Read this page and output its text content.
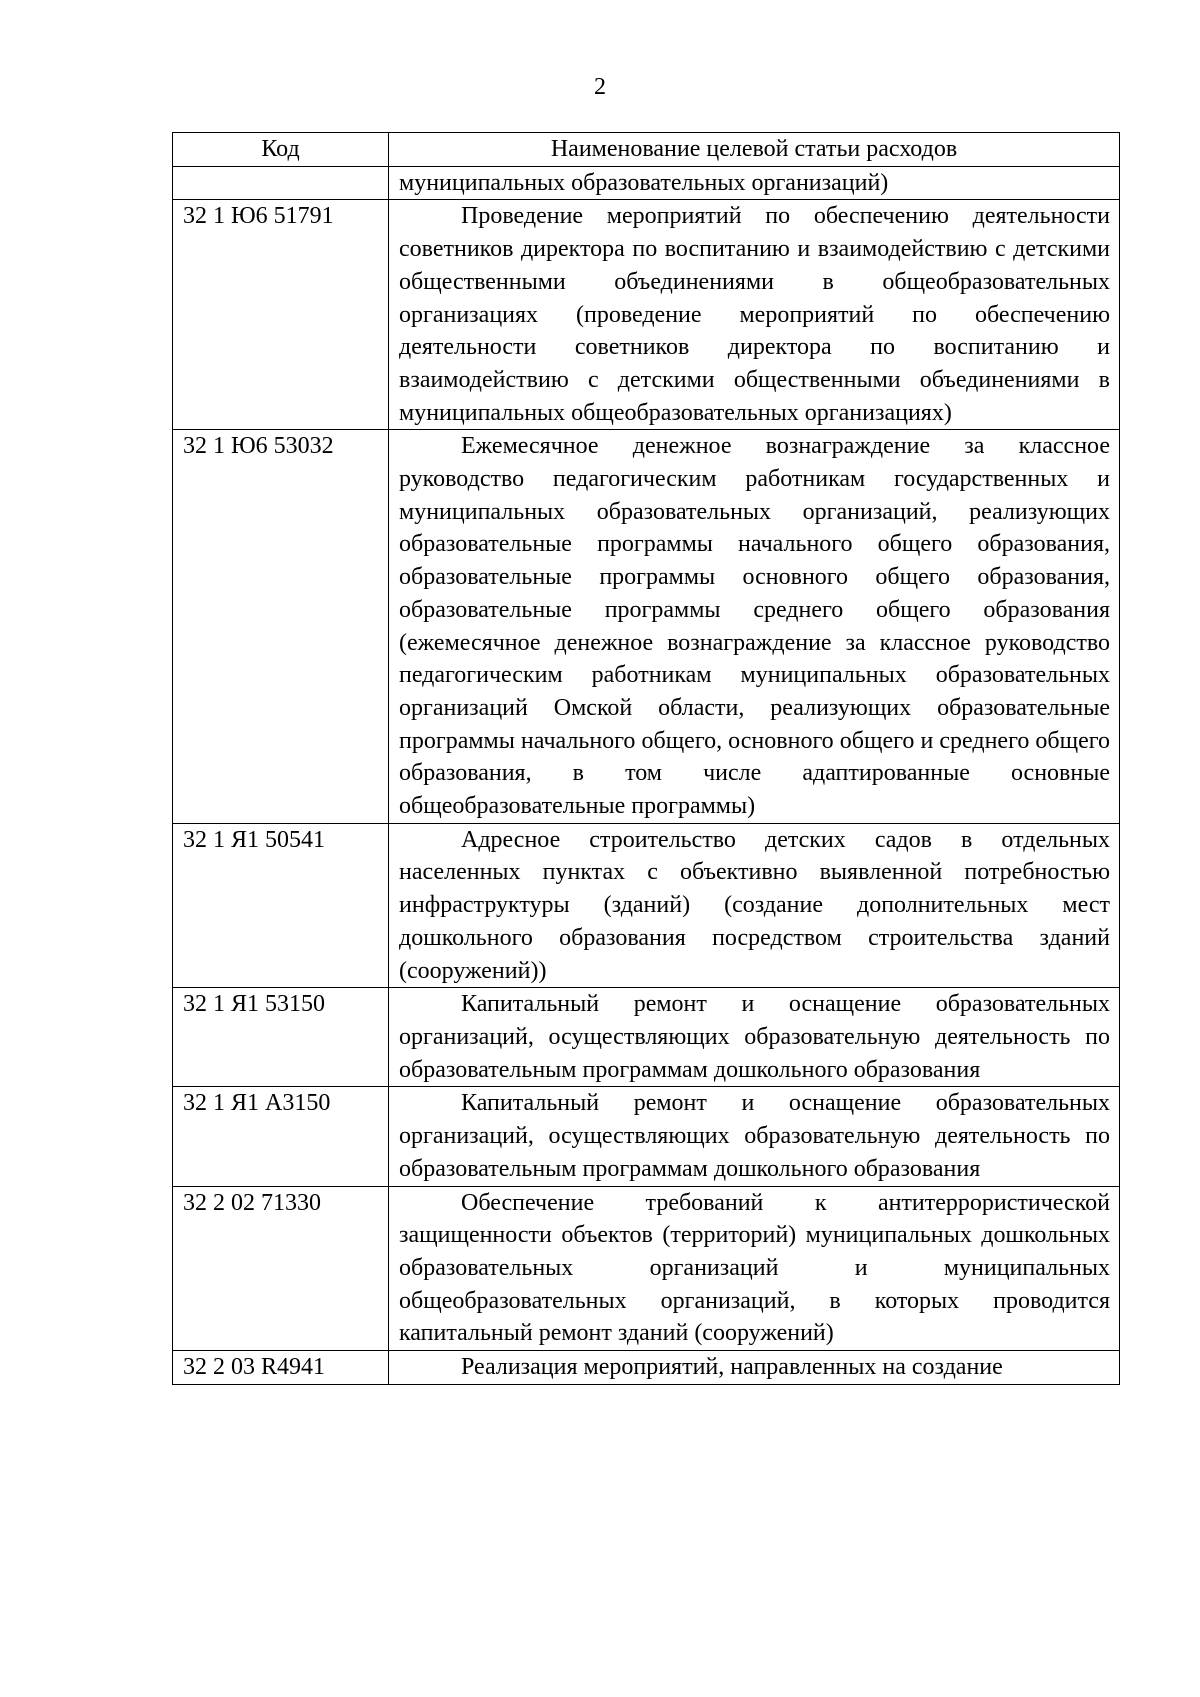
2
Код	Наименование целевой статьи расходов

	муниципальных образовательных организаций)

32 1 Ю6 51791	Проведение мероприятий по обеспечению деятельности советников директора по воспитанию и взаимодействию с детскими общественными объединениями в общеобразовательных организациях (проведение мероприятий по обеспечению деятельности советников директора по воспитанию и взаимодействию с детскими общественными объединениями в муниципальных общеобразовательных организациях)

32 1 Ю6 53032	Ежемесячное денежное вознаграждение за классное руководство педагогическим работникам государственных и муниципальных образовательных организаций, реализующих образовательные программы начального общего образования, образовательные программы основного общего образования, образовательные программы среднего общего образования (ежемесячное денежное вознаграждение за классное руководство педагогическим работникам муниципальных образовательных организаций Омской области, реализующих образовательные программы начального общего, основного общего и среднего общего образования, в том числе адаптированные основные общеобразовательные программы)

32 1 Я1 50541	Адресное строительство детских садов в отдельных населенных пунктах с объективно выявленной потребностью инфраструктуры (зданий) (создание дополнительных мест дошкольного образования посредством строительства зданий (сооружений))

32 1 Я1 53150	Капитальный ремонт и оснащение образовательных организаций, осуществляющих образовательную деятельность по образовательным программам дошкольного образования

32 1 Я1 А3150	Капитальный ремонт и оснащение образовательных организаций, осуществляющих образовательную деятельность по образовательным программам дошкольного образования

32 2 02 71330	Обеспечение требований к антитеррористической защищенности объектов (территорий) муниципальных дошкольных образовательных организаций и муниципальных общеобразовательных организаций, в которых проводится капитальный ремонт зданий (сооружений)

32 2 03 R4941	Реализация мероприятий, направленных на создание
